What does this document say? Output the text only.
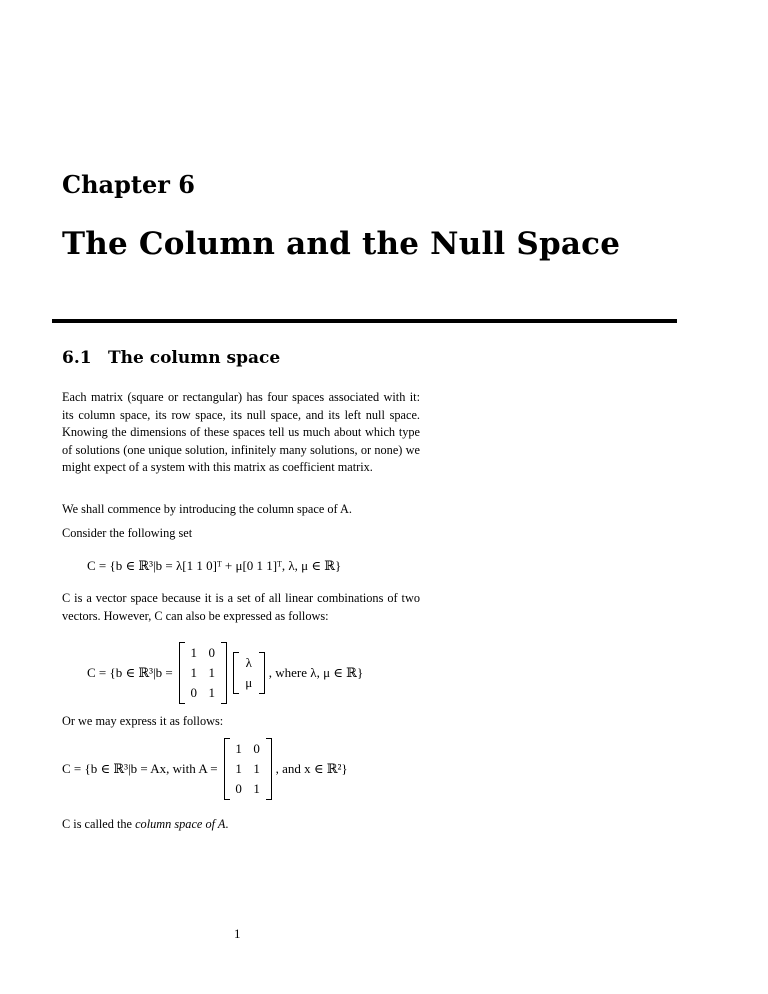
Chapter 6
The Column and the Null Space
6.1 The column space
Each matrix (square or rectangular) has four spaces associated with it: its column space, its row space, its null space, and its left null space. Knowing the dimensions of these spaces tell us much about which type of solutions (one unique solution, infinitely many solutions, or none) we might expect of a system with this matrix as coefficient matrix.
We shall commence by introducing the column space of A.
Consider the following set
C = {b ∈ ℝ³|b = λ[1 1 0]ᵀ + μ[0 1 1]ᵀ, λ, μ ∈ ℝ}
C is a vector space because it is a set of all linear combinations of two vectors. However, C can also be expressed as follows:
C = {b ∈ ℝ³|b =
1 0
1 1
0 1
λ
μ
, where λ, μ ∈ ℝ}
Or we may express it as follows:
C = {b ∈ ℝ³|b = Ax, with A =
1 0
1 1
0 1
, and x ∈ ℝ²}
C is called the column space of A.
1
